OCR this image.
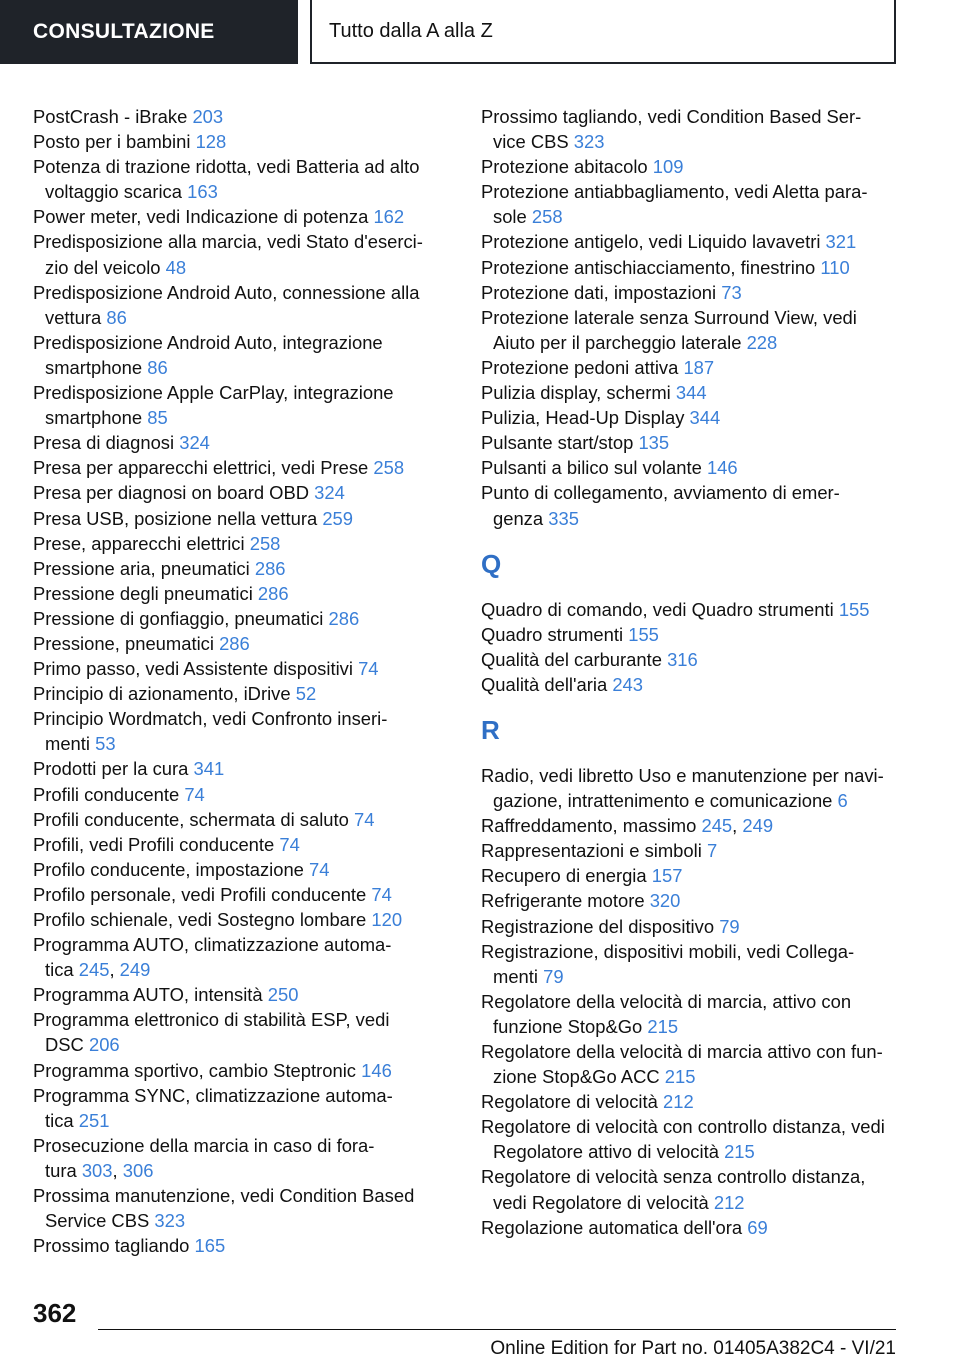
CONSULTAZIONE	Tutto dalla A alla Z
PostCrash - iBrake 203
Posto per i bambini 128
Potenza di trazione ridotta, vedi Batteria ad alto
voltaggio scarica 163
Power meter, vedi Indicazione di potenza 162
Predisposizione alla marcia, vedi Stato d'eserci-
zio del veicolo 48
Predisposizione Android Auto, connessione alla
vettura 86
Predisposizione Android Auto, integrazione
smartphone 86
Predisposizione Apple CarPlay, integrazione
smartphone 85
Presa di diagnosi 324
Presa per apparecchi elettrici, vedi Prese 258
Presa per diagnosi on board OBD 324
Presa USB, posizione nella vettura 259
Prese, apparecchi elettrici 258
Pressione aria, pneumatici 286
Pressione degli pneumatici 286
Pressione di gonfiaggio, pneumatici 286
Pressione, pneumatici 286
Primo passo, vedi Assistente dispositivi 74
Principio di azionamento, iDrive 52
Principio Wordmatch, vedi Confronto inseri-
menti 53
Prodotti per la cura 341
Profili conducente 74
Profili conducente, schermata di saluto 74
Profili, vedi Profili conducente 74
Profilo conducente, impostazione 74
Profilo personale, vedi Profili conducente 74
Profilo schienale, vedi Sostegno lombare 120
Programma AUTO, climatizzazione automa-
tica 245, 249
Programma AUTO, intensità 250
Programma elettronico di stabilità ESP, vedi
DSC 206
Programma sportivo, cambio Steptronic 146
Programma SYNC, climatizzazione automa-
tica 251
Prosecuzione della marcia in caso di fora-
tura 303, 306
Prossima manutenzione, vedi Condition Based
Service CBS 323
Prossimo tagliando 165
Prossimo tagliando, vedi Condition Based Ser-
vice CBS 323
Protezione abitacolo 109
Protezione antiabbagliamento, vedi Aletta para-
sole 258
Protezione antigelo, vedi Liquido lavavetri 321
Protezione antischiacciamento, finestrino 110
Protezione dati, impostazioni 73
Protezione laterale senza Surround View, vedi
Aiuto per il parcheggio laterale 228
Protezione pedoni attiva 187
Pulizia display, schermi 344
Pulizia, Head-Up Display 344
Pulsante start/stop 135
Pulsanti a bilico sul volante 146
Punto di collegamento, avviamento di emer-
genza 335
Q
Quadro di comando, vedi Quadro strumenti 155
Quadro strumenti 155
Qualità del carburante 316
Qualità dell'aria 243
R
Radio, vedi libretto Uso e manutenzione per navi-
gazione, intrattenimento e comunicazione 6
Raffreddamento, massimo 245, 249
Rappresentazioni e simboli 7
Recupero di energia 157
Refrigerante motore 320
Registrazione del dispositivo 79
Registrazione, dispositivi mobili, vedi Collega-
menti 79
Regolatore della velocità di marcia, attivo con
funzione Stop&Go 215
Regolatore della velocità di marcia attivo con fun-
zione Stop&Go ACC 215
Regolatore di velocità 212
Regolatore di velocità con controllo distanza, vedi
Regolatore attivo di velocità 215
Regolatore di velocità senza controllo distanza,
vedi Regolatore di velocità 212
Regolazione automatica dell'ora 69
362
Online Edition for Part no. 01405A382C4 - VI/21
